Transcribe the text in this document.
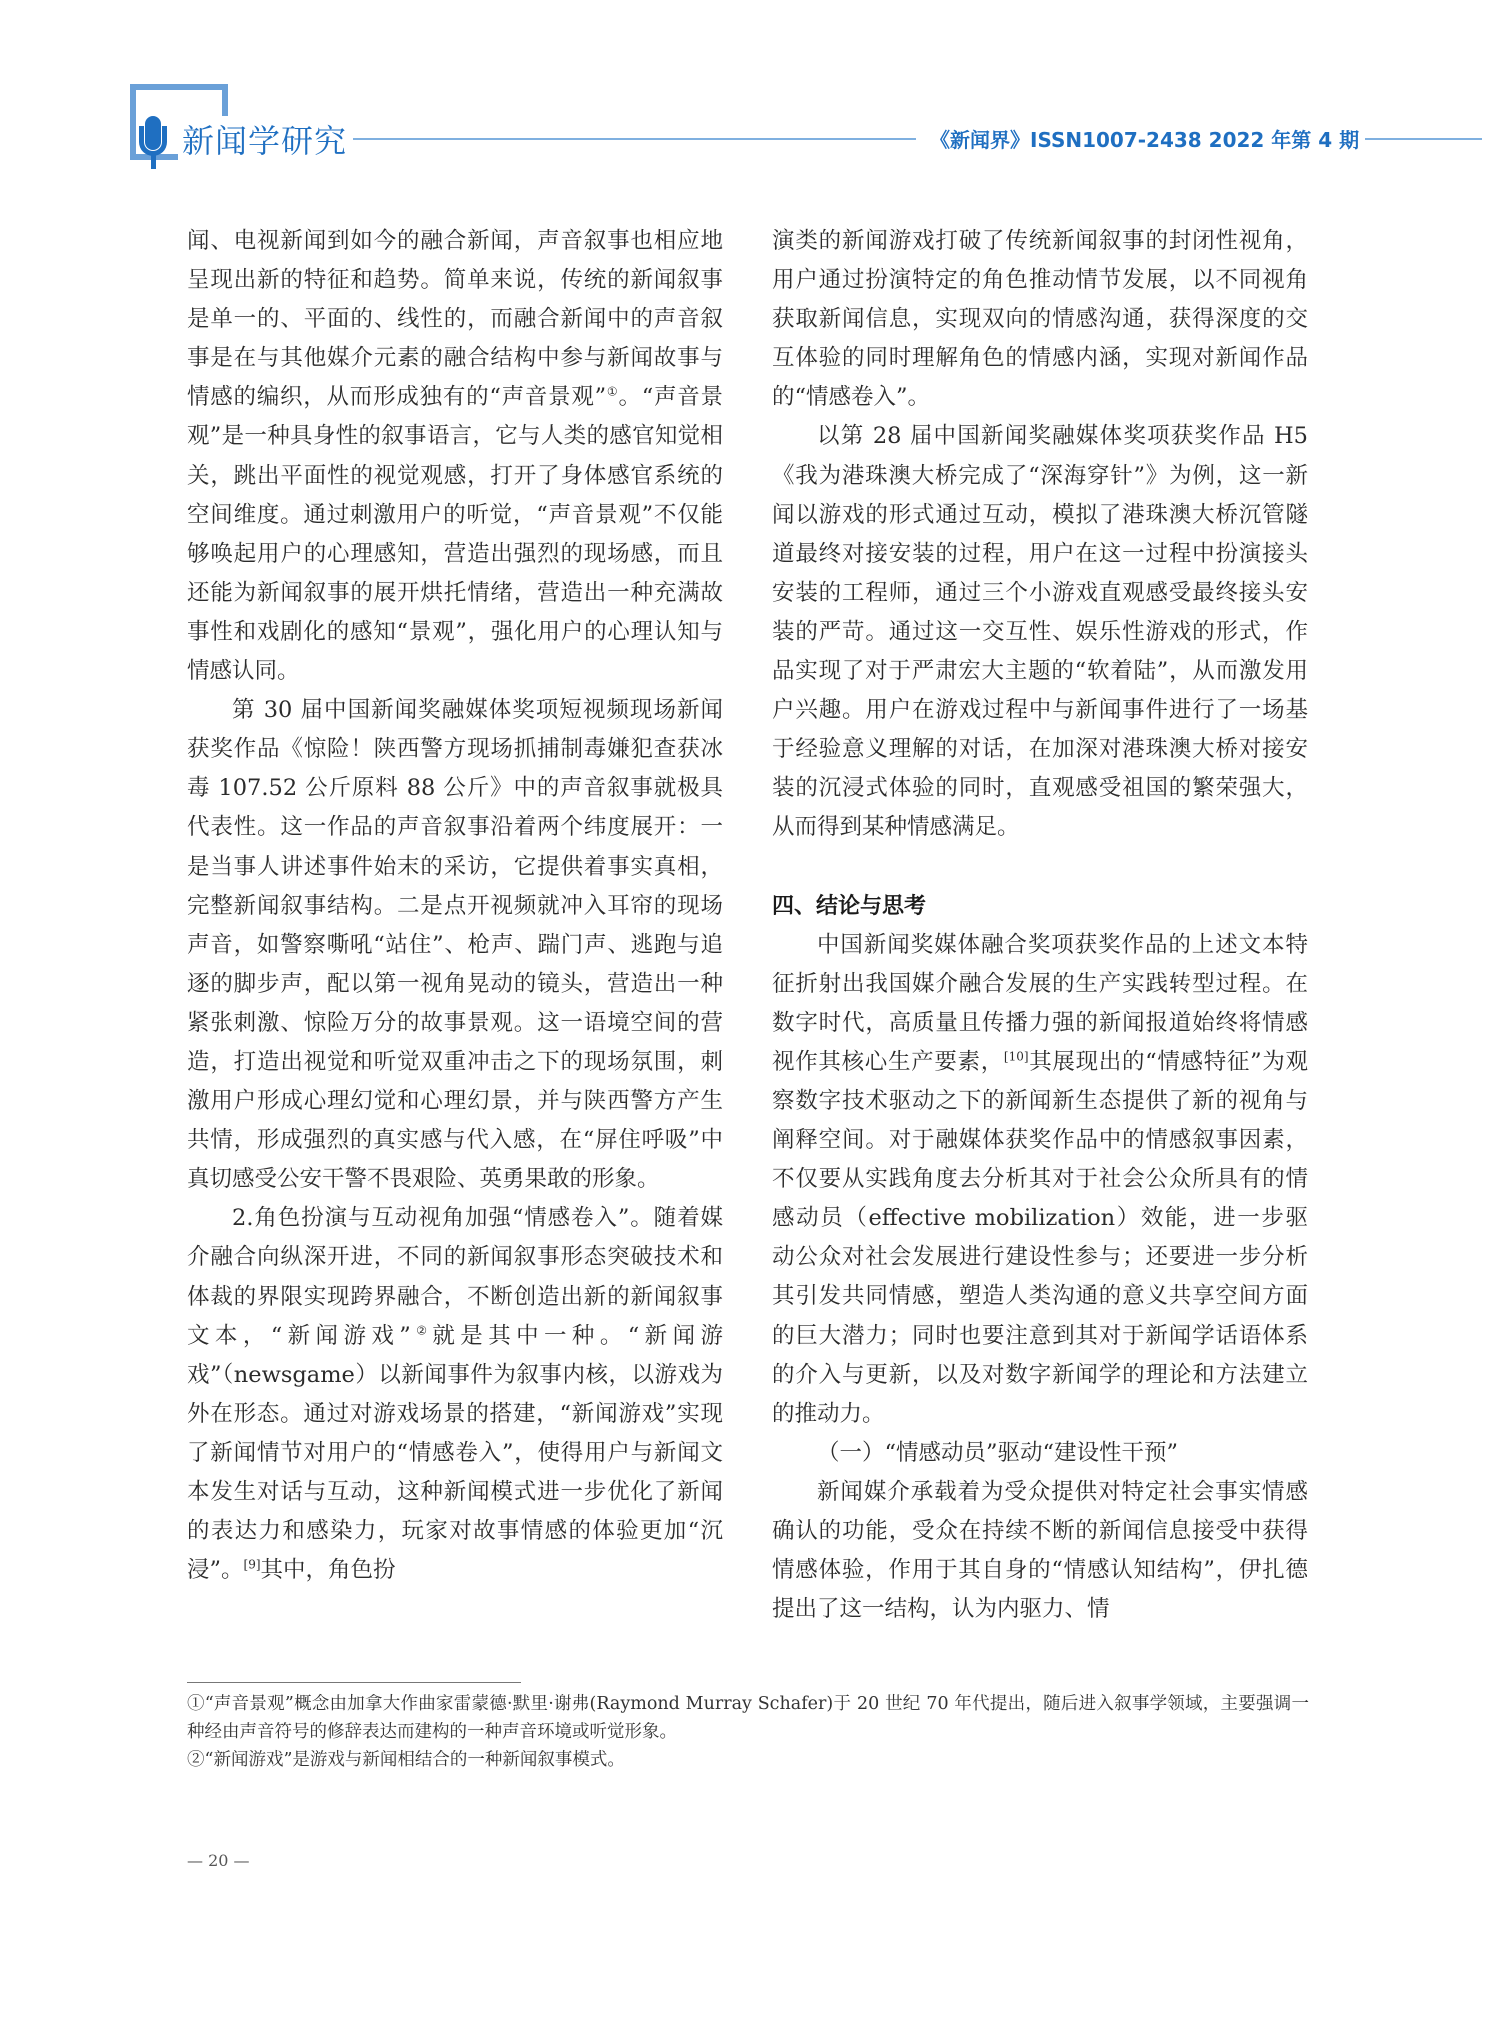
新闻学研究	《新闻界》ISSN1007-2438 2022 年第 4 期

闻、电视新闻到如今的融合新闻，声音叙事也相应地呈现出新的特征和趋势。简单来说，传统的新闻叙事是单一的、平面的、线性的，而融合新闻中的声音叙事是在与其他媒介元素的融合结构中参与新闻故事与情感的编织，从而形成独有的“声音景观”①。“声音景观”是一种具身性的叙事语言，它与人类的感官知觉相关，跳出平面性的视觉观感，打开了身体感官系统的空间维度。通过刺激用户的听觉，“声音景观”不仅能够唤起用户的心理感知，营造出强烈的现场感，而且还能为新闻叙事的展开烘托情绪，营造出一种充满故事性和戏剧化的感知“景观”，强化用户的心理认知与情感认同。

第 30 届中国新闻奖融媒体奖项短视频现场新闻获奖作品《惊险！陕西警方现场抓捕制毒嫌犯查获冰毒 107.52 公斤原料 88 公斤》中的声音叙事就极具代表性。这一作品的声音叙事沿着两个纬度展开：一是当事人讲述事件始末的采访，它提供着事实真相，完整新闻叙事结构。二是点开视频就冲入耳帘的现场声音，如警察嘶吼“站住”、枪声、踹门声、逃跑与追逐的脚步声，配以第一视角晃动的镜头，营造出一种紧张刺激、惊险万分的故事景观。这一语境空间的营造，打造出视觉和听觉双重冲击之下的现场氛围，刺激用户形成心理幻觉和心理幻景，并与陕西警方产生共情，形成强烈的真实感与代入感，在“屏住呼吸”中真切感受公安干警不畏艰险、英勇果敢的形象。

2.角色扮演与互动视角加强“情感卷入”。随着媒介融合向纵深开进，不同的新闻叙事形态突破技术和体裁的界限实现跨界融合，不断创造出新的新闻叙事文本，“新闻游戏”②就是其中一种。“新闻游戏”（newsgame）以新闻事件为叙事内核，以游戏为外在形态。通过对游戏场景的搭建，“新闻游戏”实现了新闻情节对用户的“情感卷入”，使得用户与新闻文本发生对话与互动，这种新闻模式进一步优化了新闻的表达力和感染力，玩家对故事情感的体验更加“沉浸”。[9]其中，角色扮

演类的新闻游戏打破了传统新闻叙事的封闭性视角，用户通过扮演特定的角色推动情节发展，以不同视角获取新闻信息，实现双向的情感沟通，获得深度的交互体验的同时理解角色的情感内涵，实现对新闻作品的“情感卷入”。

以第 28 届中国新闻奖融媒体奖项获奖作品 H5《我为港珠澳大桥完成了“深海穿针”》为例，这一新闻以游戏的形式通过互动，模拟了港珠澳大桥沉管隧道最终对接安装的过程，用户在这一过程中扮演接头安装的工程师，通过三个小游戏直观感受最终接头安装的严苛。通过这一交互性、娱乐性游戏的形式，作品实现了对于严肃宏大主题的“软着陆”，从而激发用户兴趣。用户在游戏过程中与新闻事件进行了一场基于经验意义理解的对话，在加深对港珠澳大桥对接安装的沉浸式体验的同时，直观感受祖国的繁荣强大，从而得到某种情感满足。

四、结论与思考

中国新闻奖媒体融合奖项获奖作品的上述文本特征折射出我国媒介融合发展的生产实践转型过程。在数字时代，高质量且传播力强的新闻报道始终将情感视作其核心生产要素，[10]其展现出的“情感特征”为观察数字技术驱动之下的新闻新生态提供了新的视角与阐释空间。对于融媒体获奖作品中的情感叙事因素，不仅要从实践角度去分析其对于社会公众所具有的情感动员（effective mobilization）效能，进一步驱动公众对社会发展进行建设性参与；还要进一步分析其引发共同情感，塑造人类沟通的意义共享空间方面的巨大潜力；同时也要注意到其对于新闻学话语体系的介入与更新，以及对数字新闻学的理论和方法建立的推动力。

（一）“情感动员”驱动“建设性干预”

新闻媒介承载着为受众提供对特定社会事实情感确认的功能，受众在持续不断的新闻信息接受中获得情感体验，作用于其自身的“情感认知结构”，伊扎德提出了这一结构，认为内驱力、情

①“声音景观”概念由加拿大作曲家雷蒙德·默里·谢弗(Raymond Murray Schafer)于 20 世纪 70 年代提出，随后进入叙事学领域，主要强调一种经由声音符号的修辞表达而建构的一种声音环境或听觉形象。

②“新闻游戏”是游戏与新闻相结合的一种新闻叙事模式。

— 20 —
